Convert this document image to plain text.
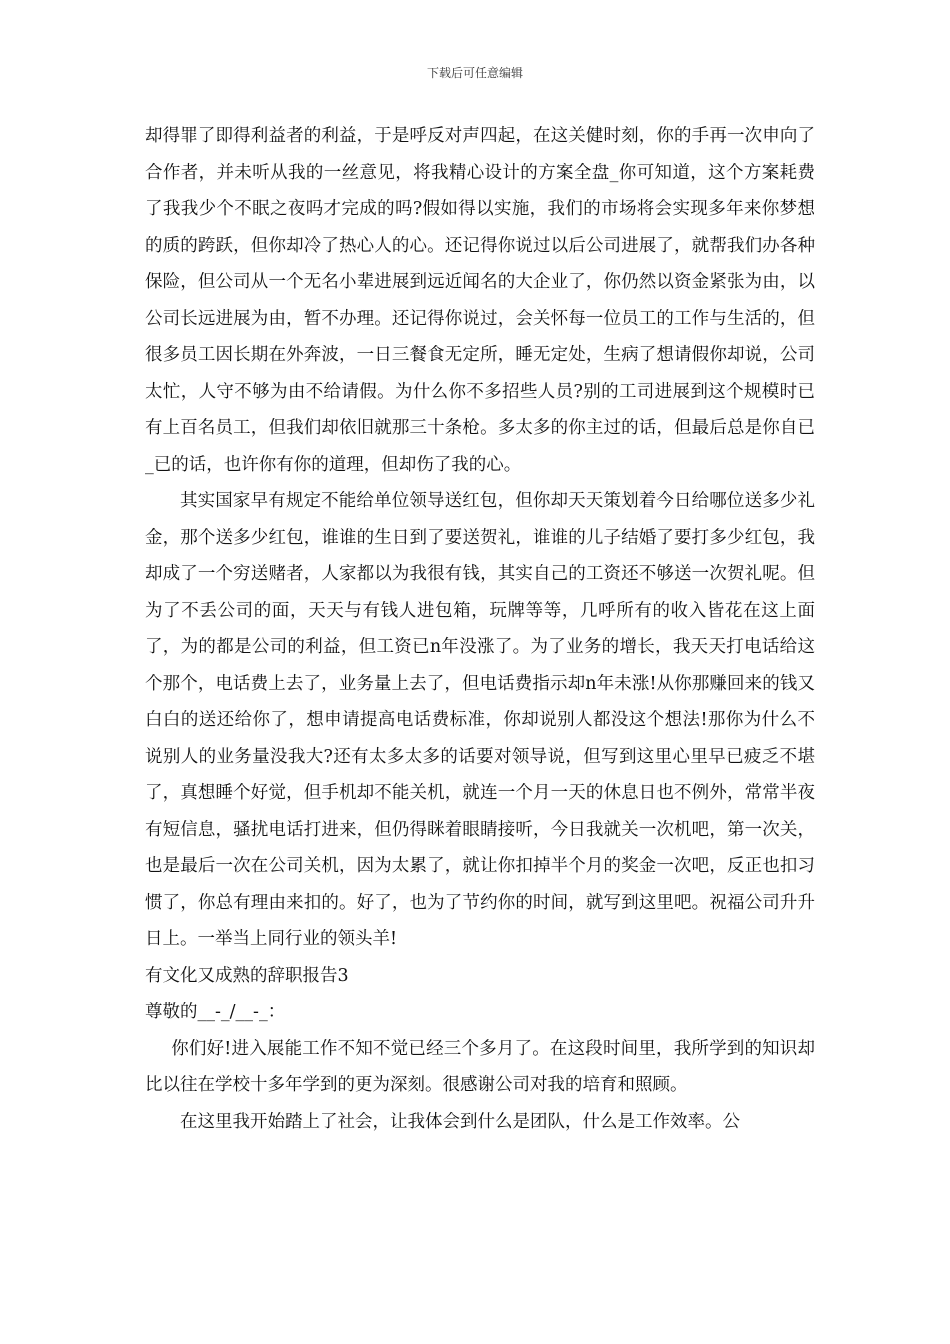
下载后可任意编辑

却得罪了即得利益者的利益，于是呼反对声四起，在这关健时刻，你的手再一次申向了合作者，并未听从我的一丝意见，将我精心设计的方案全盘_你可知道，这个方案耗费了我我少个不眠之夜吗才完成的吗?假如得以实施，我们的市场将会实现多年来你梦想的质的跨跃，但你却冷了热心人的心。还记得你说过以后公司进展了，就帮我们办各种保险，但公司从一个无名小辈进展到远近闻名的大企业了，你仍然以资金紧张为由，以公司长远进展为由，暂不办理。还记得你说过，会关怀每一位员工的工作与生活的，但很多员工因长期在外奔波，一日三餐食无定所，睡无定处，生病了想请假你却说，公司太忙，人守不够为由不给请假。为什么你不多招些人员?别的工司进展到这个规模时已有上百名员工，但我们却依旧就那三十条枪。多太多的你主过的话，但最后总是你自已_已的话，也许你有你的道理，但却伤了我的心。

其实国家早有规定不能给单位领导送红包，但你却天天策划着今日给哪位送多少礼金，那个送多少红包，谁谁的生日到了要送贺礼，谁谁的儿子结婚了要打多少红包，我却成了一个穷送赌者，人家都以为我很有钱，其实自己的工资还不够送一次贺礼呢。但为了不丢公司的面，天天与有钱人进包箱，玩牌等等，几呼所有的收入皆花在这上面了，为的都是公司的利益，但工资已n年没涨了。为了业务的增长，我天天打电话给这个那个，电话费上去了，业务量上去了，但电话费指示却n年未涨!从你那赚回来的钱又白白的送还给你了，想申请提高电话费标准，你却说别人都没这个想法!那你为什么不说别人的业务量没我大?还有太多太多的话要对领导说，但写到这里心里早已疲乏不堪了，真想睡个好觉，但手机却不能关机，就连一个月一天的休息日也不例外，常常半夜有短信息，骚扰电话打进来，但仍得眯着眼睛接听，今日我就关一次机吧，第一次关，也是最后一次在公司关机，因为太累了，就让你扣掉半个月的奖金一次吧，反正也扣习惯了，你总有理由来扣的。好了，也为了节约你的时间，就写到这里吧。祝福公司升升日上。一举当上同行业的领头羊!

有文化又成熟的辞职报告3

尊敬的__-_/__-_：

你们好!进入展能工作不知不觉已经三个多月了。在这段时间里，我所学到的知识却比以往在学校十多年学到的更为深刻。很感谢公司对我的培育和照顾。

在这里我开始踏上了社会，让我体会到什么是团队，什么是工作效率。公
